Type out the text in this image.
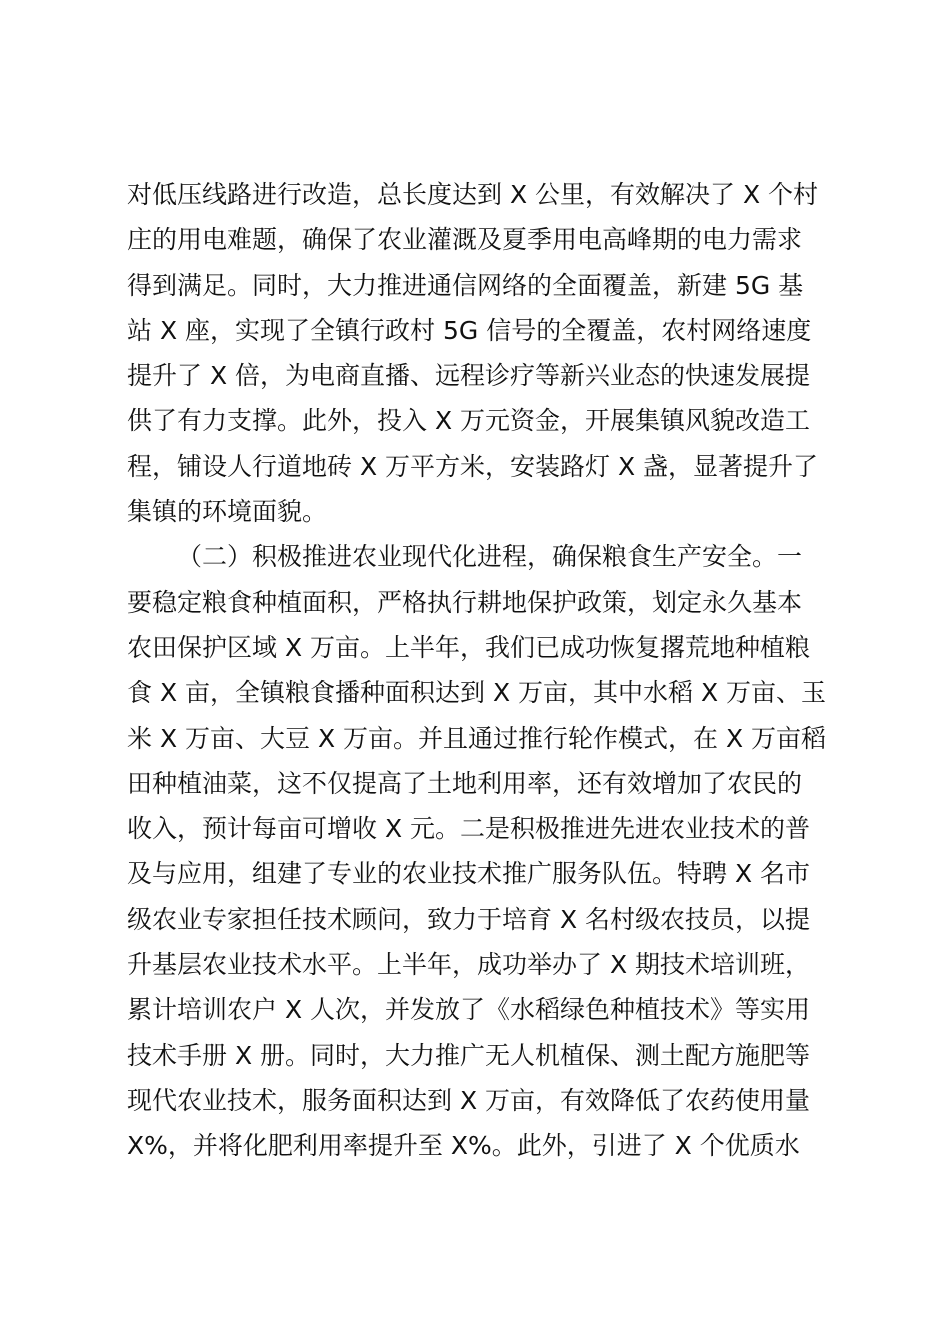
对低压线路进行改造，总长度达到 X 公里，有效解决了 X 个村
庄的用电难题，确保了农业灌溉及夏季用电高峰期的电力需求
得到满足。同时，大力推进通信网络的全面覆盖，新建 5G 基
站 X 座，实现了全镇行政村 5G 信号的全覆盖，农村网络速度
提升了 X 倍，为电商直播、远程诊疗等新兴业态的快速发展提
供了有力支撑。此外，投入 X 万元资金，开展集镇风貌改造工
程，铺设人行道地砖 X 万平方米，安装路灯 X 盏，显著提升了
集镇的环境面貌。
（二）积极推进农业现代化进程，确保粮食生产安全。一
要稳定粮食种植面积，严格执行耕地保护政策，划定永久基本
农田保护区域 X 万亩。上半年，我们已成功恢复撂荒地种植粮
食 X 亩，全镇粮食播种面积达到 X 万亩，其中水稻 X 万亩、玉
米 X 万亩、大豆 X 万亩。并且通过推行轮作模式，在 X 万亩稻
田种植油菜，这不仅提高了土地利用率，还有效增加了农民的
收入，预计每亩可增收 X 元。二是积极推进先进农业技术的普
及与应用，组建了专业的农业技术推广服务队伍。特聘 X 名市
级农业专家担任技术顾问，致力于培育 X 名村级农技员，以提
升基层农业技术水平。上半年，成功举办了 X 期技术培训班，
累计培训农户 X 人次，并发放了《水稻绿色种植技术》等实用
技术手册 X 册。同时，大力推广无人机植保、测土配方施肥等
现代农业技术，服务面积达到 X 万亩，有效降低了农药使用量
X%，并将化肥利用率提升至 X%。此外，引进了 X 个优质水
